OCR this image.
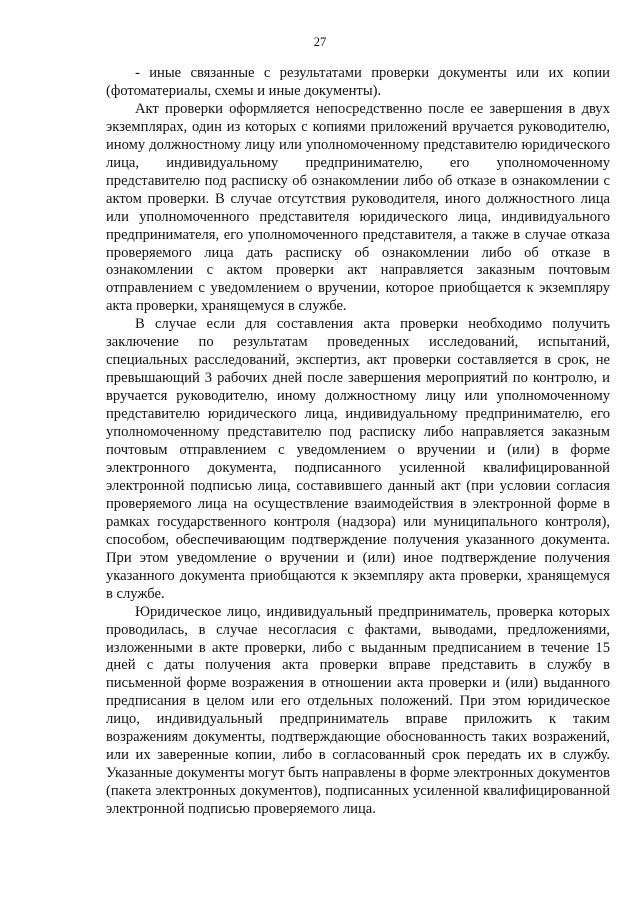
27

- иные связанные с результатами проверки документы или их копии (фотоматериалы, схемы и иные документы).

Акт проверки оформляется непосредственно после ее завершения в двух экземплярах, один из которых с копиями приложений вручается руководителю, иному должностному лицу или уполномоченному представителю юридического лица, индивидуальному предпринимателю, его уполномоченному представителю под расписку об ознакомлении либо об отказе в ознакомлении с актом проверки. В случае отсутствия руководителя, иного должностного лица или уполномоченного представителя юридического лица, индивидуального предпринимателя, его уполномоченного представителя, а также в случае отказа проверяемого лица дать расписку об ознакомлении либо об отказе в ознакомлении с актом проверки акт направляется заказным почтовым отправлением с уведомлением о вручении, которое приобщается к экземпляру акта проверки, хранящемуся в службе.

В случае если для составления акта проверки необходимо получить заключение по результатам проведенных исследований, испытаний, специальных расследований, экспертиз, акт проверки составляется в срок, не превышающий 3 рабочих дней после завершения мероприятий по контролю, и вручается руководителю, иному должностному лицу или уполномоченному представителю юридического лица, индивидуальному предпринимателю, его уполномоченному представителю под расписку либо направляется заказным почтовым отправлением с уведомлением о вручении и (или) в форме электронного документа, подписанного усиленной квалифицированной электронной подписью лица, составившего данный акт (при условии согласия проверяемого лица на осуществление взаимодействия в электронной форме в рамках государственного контроля (надзора) или муниципального контроля), способом, обеспечивающим подтверждение получения указанного документа. При этом уведомление о вручении и (или) иное подтверждение получения указанного документа приобщаются к экземпляру акта проверки, хранящемуся в службе.

Юридическое лицо, индивидуальный предприниматель, проверка которых проводилась, в случае несогласия с фактами, выводами, предложениями, изложенными в акте проверки, либо с выданным предписанием в течение 15 дней с даты получения акта проверки вправе представить в службу в письменной форме возражения в отношении акта проверки и (или) выданного предписания в целом или его отдельных положений. При этом юридическое лицо, индивидуальный предприниматель вправе приложить к таким возражениям документы, подтверждающие обоснованность таких возражений, или их заверенные копии, либо в согласованный срок передать их в службу. Указанные документы могут быть направлены в форме электронных документов (пакета электронных документов), подписанных усиленной квалифицированной электронной подписью проверяемого лица.
